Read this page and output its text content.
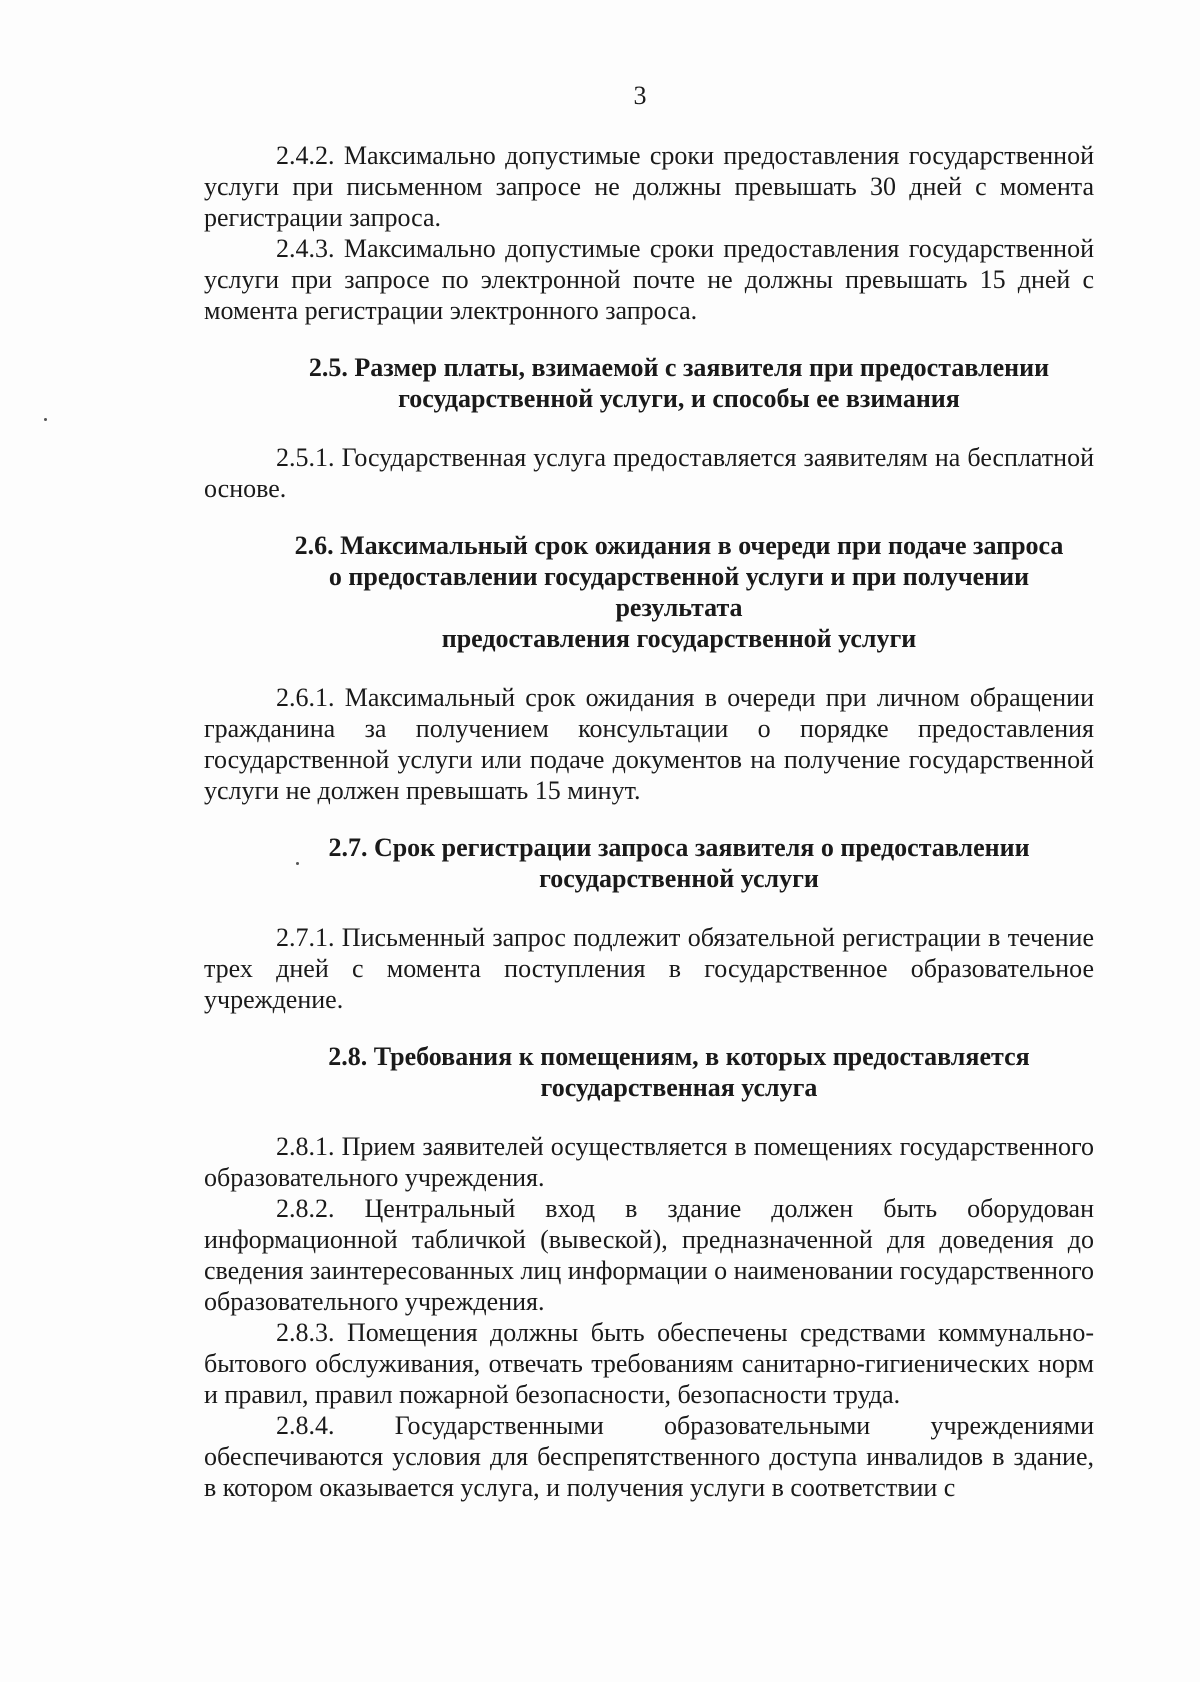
3

2.4.2. Максимально допустимые сроки предоставления государственной услуги при письменном запросе не должны превышать 30 дней с момента регистрации запроса.

2.4.3. Максимально допустимые сроки предоставления государственной услуги при запросе по электронной почте не должны превышать 15 дней с момента регистрации электронного запроса.

2.5. Размер платы, взимаемой с заявителя при предоставлении
государственной услуги, и способы ее взимания

2.5.1. Государственная услуга предоставляется заявителям на бесплатной основе.

2.6. Максимальный срок ожидания в очереди при подаче запроса
о предоставлении государственной услуги и при получении результата
предоставления государственной услуги

2.6.1. Максимальный срок ожидания в очереди при личном обращении гражданина за получением консультации о порядке предоставления государственной услуги или подаче документов на получение государственной услуги не должен превышать 15 минут.

2.7. Срок регистрации запроса заявителя о предоставлении
государственной услуги

2.7.1. Письменный запрос подлежит обязательной регистрации в течение трех дней с момента поступления в государственное образовательное учреждение.

2.8. Требования к помещениям, в которых предоставляется
государственная услуга

2.8.1. Прием заявителей осуществляется в помещениях государственного образовательного учреждения.

2.8.2. Центральный вход в здание должен быть оборудован информационной табличкой (вывеской), предназначенной для доведения до сведения заинтересованных лиц информации о наименовании государственного образовательного учреждения.

2.8.3. Помещения должны быть обеспечены средствами коммунально-бытового обслуживания, отвечать требованиям санитарно-гигиенических норм и правил, правил пожарной безопасности, безопасности труда.

2.8.4. Государственными образовательными учреждениями обеспечиваются условия для беспрепятственного доступа инвалидов в здание, в котором оказывается услуга, и получения услуги в соответствии с
